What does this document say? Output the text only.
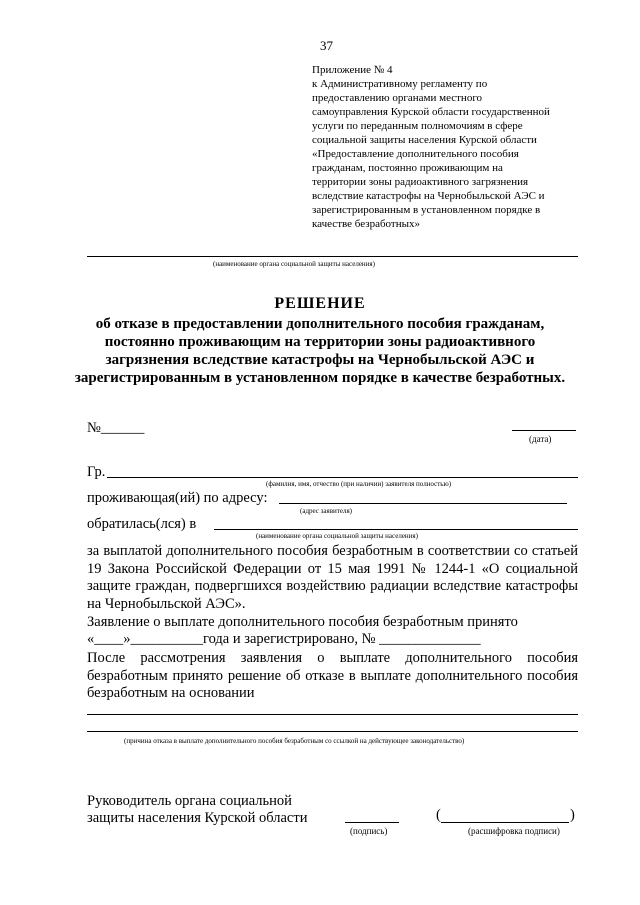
37
Приложение № 4
к Административному регламенту по предоставлению органами местного самоуправления Курской области государственной услуги по переданным полномочиям в сфере социальной защиты населения Курской области «Предоставление дополнительного пособия гражданам, постоянно проживающим на территории зоны радиоактивного загрязнения вследствие катастрофы на Чернобыльской АЭС и зарегистрированным в установленном порядке в качестве безработных»
(наименование органа социальной защиты населения)
РЕШЕНИЕ
об отказе в предоставлении дополнительного пособия гражданам, постоянно проживающим на территории зоны радиоактивного загрязнения вследствие катастрофы на Чернобыльской АЭС и зарегистрированным в установленном порядке в качестве безработных.
№______
(дата)
Гр.
(фамилия, имя, отчество (при наличии) заявителя полностью)
проживающая(ий) по адресу:
(адрес заявителя)
обратилась(лся) в
(наименование органа социальной защиты населения)
за выплатой дополнительного пособия безработным в соответствии со статьей 19 Закона Российской Федерации от 15 мая 1991 № 1244-1 «О социальной защите граждан, подвергшихся воздействию радиации вследствие катастрофы на Чернобыльской АЭС».
Заявление о выплате дополнительного пособия безработным принято
«____»__________года и зарегистрировано, № ______________
После рассмотрения заявления о выплате дополнительного пособия безработным принято решение об отказе в выплате дополнительного пособия безработным на основании
(причина отказа в выплате дополнительного пособия безработным со ссылкой на действующее законодательство)
Руководитель органа социальной
защиты населения Курской области
(подпись)
(	)
(расшифровка подписи)
